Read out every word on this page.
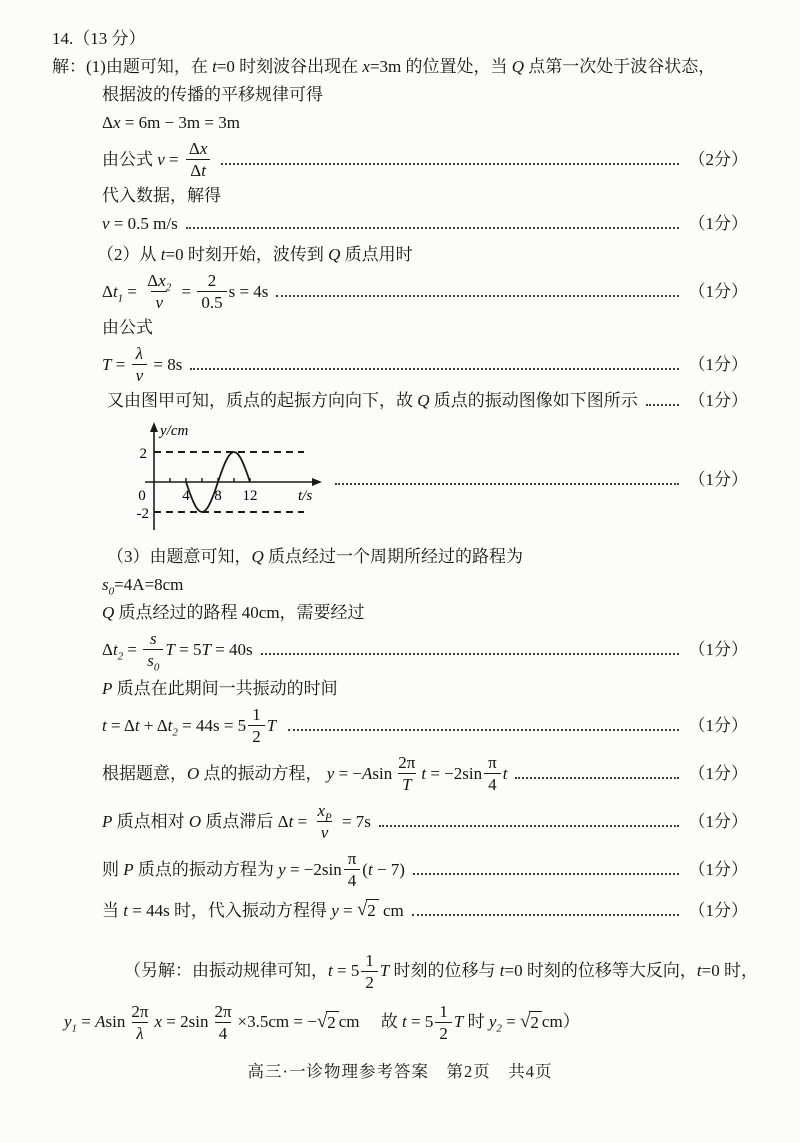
14.（13 分）
解：(1)由题可知，在 t =0 时刻波谷出现在 x =3m 的位置处，当 Q 点第一次处于波谷状态，
根据波的传播的平移规律可得
Δ x = 6m − 3m = 3m
由公式 $v = \frac{\text{Δ x}}{\text{Δ t}}$	（2分）
代入数据，解得
v = 0.5 m/s	（1分）
（2）从 t =0 时刻开始，波传到 Q 质点用时
Δ $t_1 = \frac{\Delta x_2}{v} = \frac{2}{0.5}$ s = 4s	（1分）
由公式
$T = \frac{\lambda}{v} = 8s$	（1分）
又由图甲可知，质点的起振方向向下，故 Q 质点的振动图像如下图所示	（1分）
4 8 12
0
2
-2
y/cm
t/s
（1分）
（3）由题意可知， Q 质点经过一个周期所经过的路程为
$s_0 =4A=8cm$
Q 质点经过的路程 40cm，需要经过
Δ $t_2 = \frac{s}{s_0}$ T = 5 T = 40s	（1分）
P 质点在此期间一共振动的时间
t = Δ t + Δ $t_2 = 44s = 5 \frac{1}{2}$ T
	（1分）
根据题意， O 点的振动方程， y = − A $\sin \frac{2\pi}{T}$ $t = -2\sin \frac{\pi}{4}$ t	（1分）
P 质点相对 O 质点滞后 Δ $t = \frac{x_P}{v} = 7s$	（1分）
则 P 质点的振动方程为 $y = -2\sin \frac{\pi}{4}$ ( t − 7)	（1分）
当 t = 44s 时，代入振动方程得 y = √ 2 cm	（1分）
（另解：由振动规律可知， $t = 5 \frac{1}{2}$ T 时刻的位移与 t =0 时刻的位移等大反向， t =0 时，
$y_1 = A$ $\sin \frac{2\pi}{\lambda}$ $x = 2\sin \frac{2\pi}{4} \times 3.5cm$ = − √ 2 cm　 故 $t = 5 \frac{1}{2}$ T 时 $y_2$ = √ 2 cm）
高三·一诊物理参考答案　第2页　共4页
